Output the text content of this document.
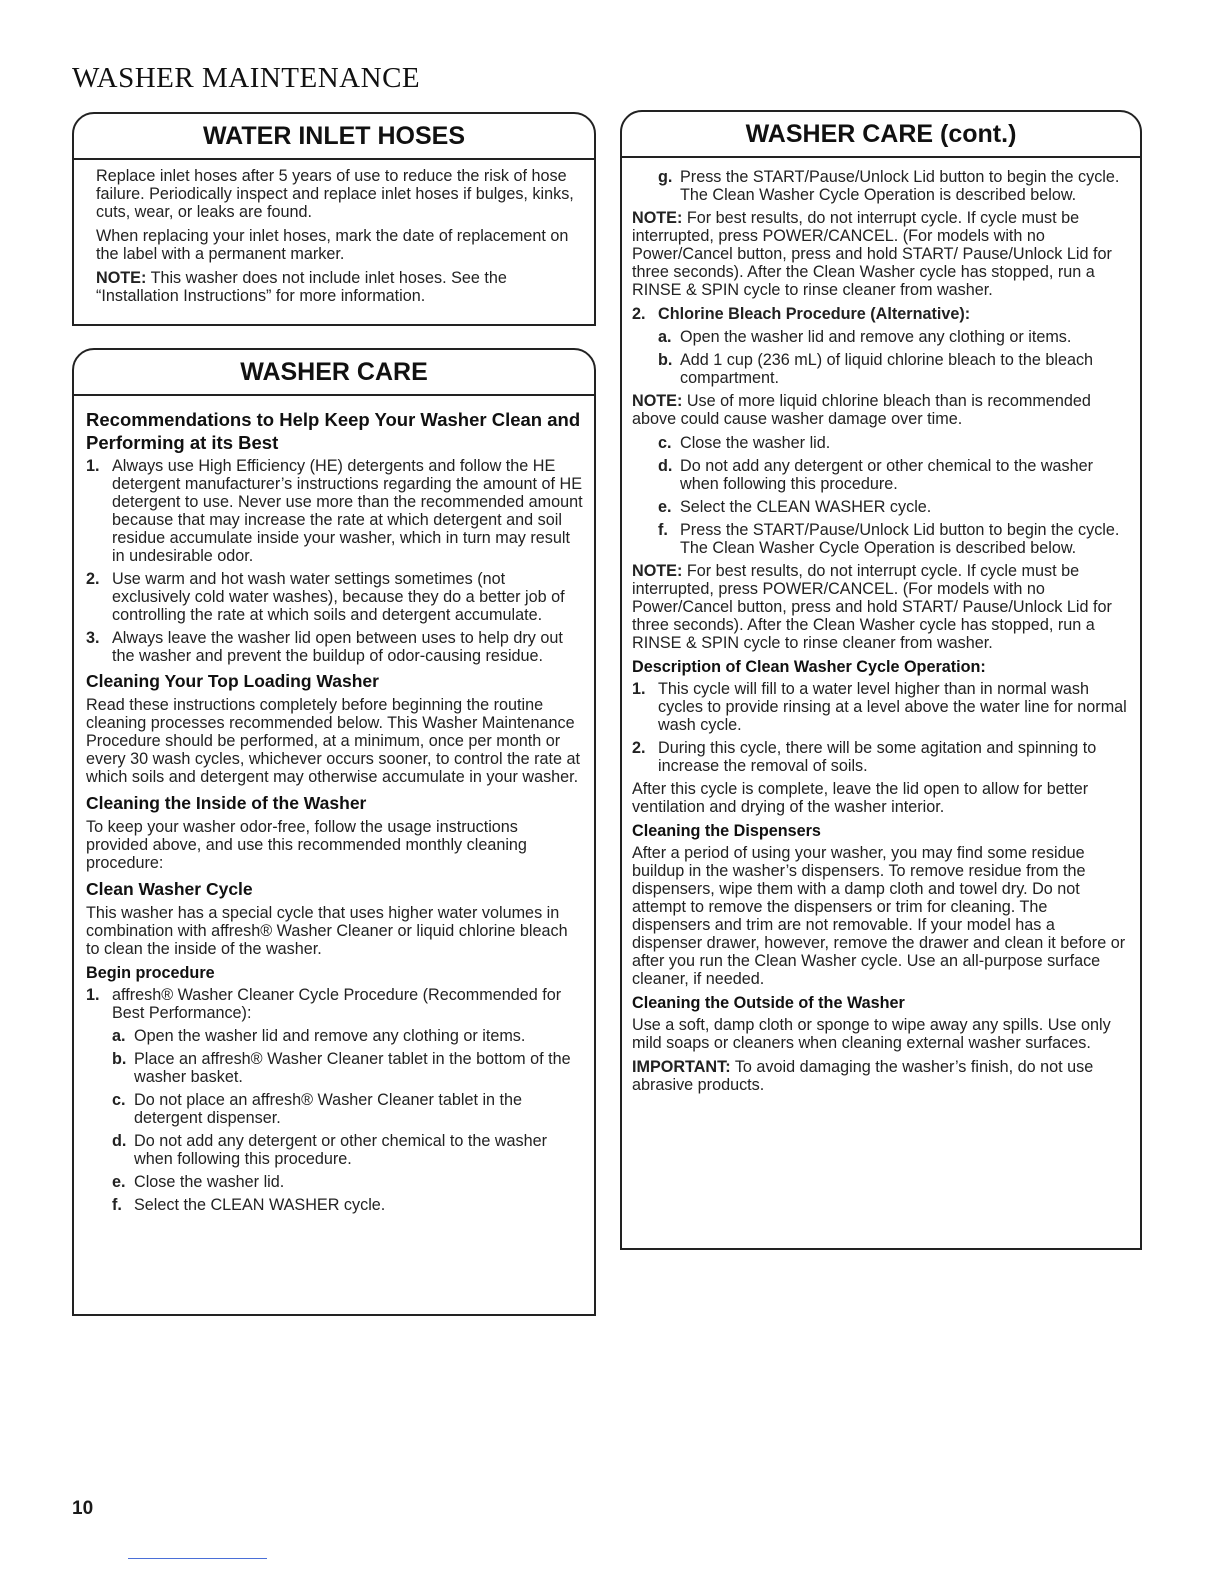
WASHER MAINTENANCE
WATER INLET HOSES

Replace inlet hoses after 5 years of use to reduce the risk of hose failure. Periodically inspect and replace inlet hoses if bulges, kinks, cuts, wear, or leaks are found.

When replacing your inlet hoses, mark the date of replacement on the label with a permanent marker.

NOTE: This washer does not include inlet hoses. See the “Installation Instructions” for more information.

WASHER CARE
Recommendations to Help Keep Your Washer Clean and Performing at its Best
1. Always use High Efficiency (HE) detergents and follow the HE detergent manufacturer’s instructions regarding the amount of HE detergent to use. Never use more than the recommended amount because that may increase the rate at which detergent and soil residue accumulate inside your washer, which in turn may result in undesirable odor.
2. Use warm and hot wash water settings sometimes (not exclusively cold water washes), because they do a better job of controlling the rate at which soils and detergent accumulate.
3. Always leave the washer lid open between uses to help dry out the washer and prevent the buildup of odor-causing residue.
Cleaning Your Top Loading Washer

Read these instructions completely before beginning the routine cleaning processes recommended below. This Washer Maintenance Procedure should be performed, at a minimum, once per month or every 30 wash cycles, whichever occurs sooner, to control the rate at which soils and detergent may otherwise accumulate in your washer.

Cleaning the Inside of the Washer

To keep your washer odor-free, follow the usage instructions provided above, and use this recommended monthly cleaning procedure:

Clean Washer Cycle

This washer has a special cycle that uses higher water volumes in combination with affresh® Washer Cleaner or liquid chlorine bleach to clean the inside of the washer.

Begin procedure
1. affresh® Washer Cleaner Cycle Procedure (Recommended for Best Performance):
a. Open the washer lid and remove any clothing or items.
b. Place an affresh® Washer Cleaner tablet in the bottom of the washer basket.
c. Do not place an affresh® Washer Cleaner tablet in the detergent dispenser.
d. Do not add any detergent or other chemical to the washer when following this procedure.
e. Close the washer lid.
f. Select the CLEAN WASHER cycle.
WASHER CARE (cont.)
g. Press the START/Pause/Unlock Lid button to begin the cycle. The Clean Washer Cycle Operation is described below.

NOTE: For best results, do not interrupt cycle. If cycle must be interrupted, press POWER/CANCEL. (For models with no Power/Cancel button, press and hold START/ Pause/Unlock Lid for three seconds). After the Clean Washer cycle has stopped, run a RINSE & SPIN cycle to rinse cleaner from washer.

2. Chlorine Bleach Procedure (Alternative):
a. Open the washer lid and remove any clothing or items.
b. Add 1 cup (236 mL) of liquid chlorine bleach to the bleach compartment.

NOTE: Use of more liquid chlorine bleach than is recommended above could cause washer damage over time.

c. Close the washer lid.
d. Do not add any detergent or other chemical to the washer when following this procedure.
e. Select the CLEAN WASHER cycle.
f. Press the START/Pause/Unlock Lid button to begin the cycle. The Clean Washer Cycle Operation is described below.

NOTE: For best results, do not interrupt cycle. If cycle must be interrupted, press POWER/CANCEL. (For models with no Power/Cancel button, press and hold START/ Pause/Unlock Lid for three seconds). After the Clean Washer cycle has stopped, run a RINSE & SPIN cycle to rinse cleaner from washer.

Description of Clean Washer Cycle Operation:
1. This cycle will fill to a water level higher than in normal wash cycles to provide rinsing at a level above the water line for normal wash cycle.
2. During this cycle, there will be some agitation and spinning to increase the removal of soils.

After this cycle is complete, leave the lid open to allow for better ventilation and drying of the washer interior.

Cleaning the Dispensers

After a period of using your washer, you may find some residue buildup in the washer’s dispensers. To remove residue from the dispensers, wipe them with a damp cloth and towel dry. Do not attempt to remove the dispensers or trim for cleaning. The dispensers and trim are not removable. If your model has a dispenser drawer, however, remove the drawer and clean it before or after you run the Clean Washer cycle. Use an all-purpose surface cleaner, if needed.

Cleaning the Outside of the Washer

Use a soft, damp cloth or sponge to wipe away any spills. Use only mild soaps or cleaners when cleaning external washer surfaces.

IMPORTANT: To avoid damaging the washer’s finish, do not use abrasive products.

10
